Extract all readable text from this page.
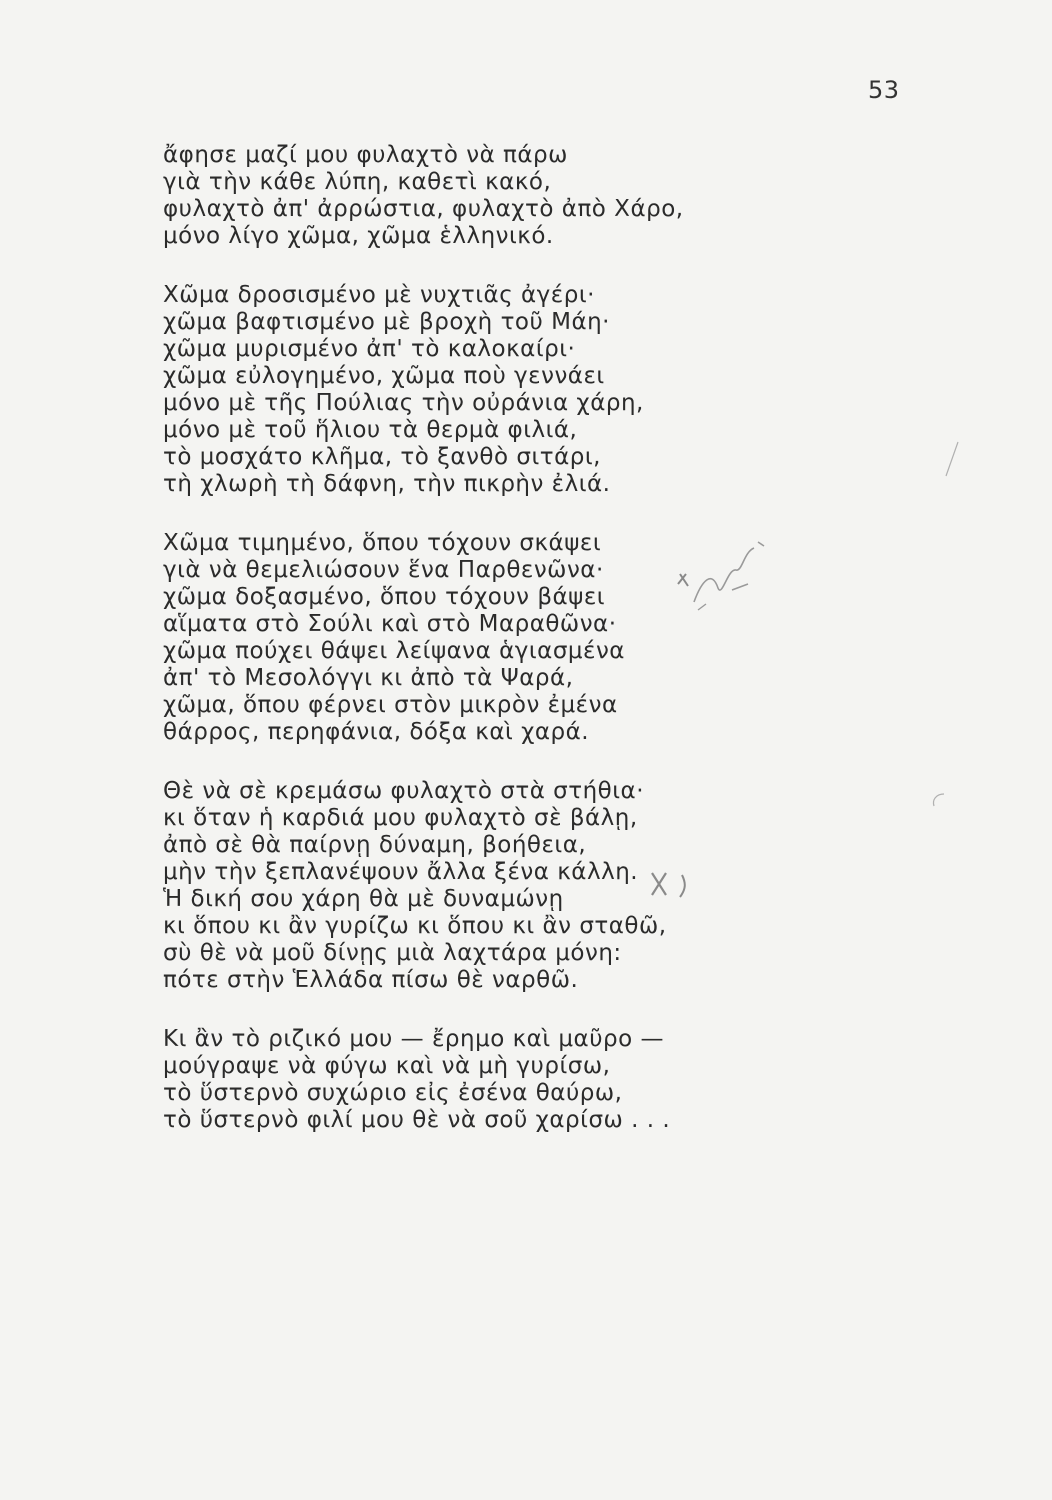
53
ἄφησε μαζί μου φυλαχτὸ νὰ πάρω
γιὰ τὴν κάθε λύπη, καθετὶ κακό,
φυλαχτὸ ἀπ' ἀρρώστια, φυλαχτὸ ἀπὸ Χάρο,
μόνο λίγο χῶμα, χῶμα ἑλληνικό.
Χῶμα δροσισμένο μὲ νυχτιᾶς ἀγέρι·
χῶμα βαφτισμένο μὲ βροχὴ τοῦ Μάη·
χῶμα μυρισμένο ἀπ' τὸ καλοκαίρι·
χῶμα εὐλογημένο, χῶμα ποὺ γεννάει
μόνο μὲ τῆς Πούλιας τὴν οὐράνια χάρη,
μόνο μὲ τοῦ ἥλιου τὰ θερμὰ φιλιά,
τὸ μοσχάτο κλῆμα, τὸ ξανθὸ σιτάρι,
τὴ χλωρὴ τὴ δάφνη, τὴν πικρὴν ἐλιά.
Χῶμα τιμημένο, ὅπου τόχουν σκάψει
γιὰ νὰ θεμελιώσουν ἕνα Παρθενῶνα·
χῶμα δοξασμένο, ὅπου τόχουν βάψει
αἵματα στὸ Σούλι καὶ στὸ Μαραθῶνα·
χῶμα πούχει θάψει λείψανα ἁγιασμένα
ἀπ' τὸ Μεσολόγγι κι ἀπὸ τὰ Ψαρά,
χῶμα, ὅπου φέρνει στὸν μικρὸν ἐμένα
θάρρος, περηφάνια, δόξα καὶ χαρά.
Θὲ νὰ σὲ κρεμάσω φυλαχτὸ στὰ στήθια·
κι ὅταν ἡ καρδιά μου φυλαχτὸ σὲ βάλῃ,
ἀπὸ σὲ θὰ παίρνῃ δύναμη, βοήθεια,
μὴν τὴν ξεπλανέψουν ἄλλα ξένα κάλλη.
Ἡ δική σου χάρη θὰ μὲ δυναμώνῃ
κι ὅπου κι ἂν γυρίζω κι ὅπου κι ἂν σταθῶ,
σὺ θὲ νὰ μοῦ δίνῃς μιὰ λαχτάρα μόνη:
πότε στὴν Ἑλλάδα πίσω θὲ ναρθῶ.
Κι ἂν τὸ ριζικό μου — ἔρημο καὶ μαῦρο —
μούγραψε νὰ φύγω καὶ νὰ μὴ γυρίσω,
τὸ ὕστερνὸ συχώριο εἰς ἐσένα θαύρω,
τὸ ὕστερνὸ φιλί μου θὲ νὰ σοῦ χαρίσω . . .
